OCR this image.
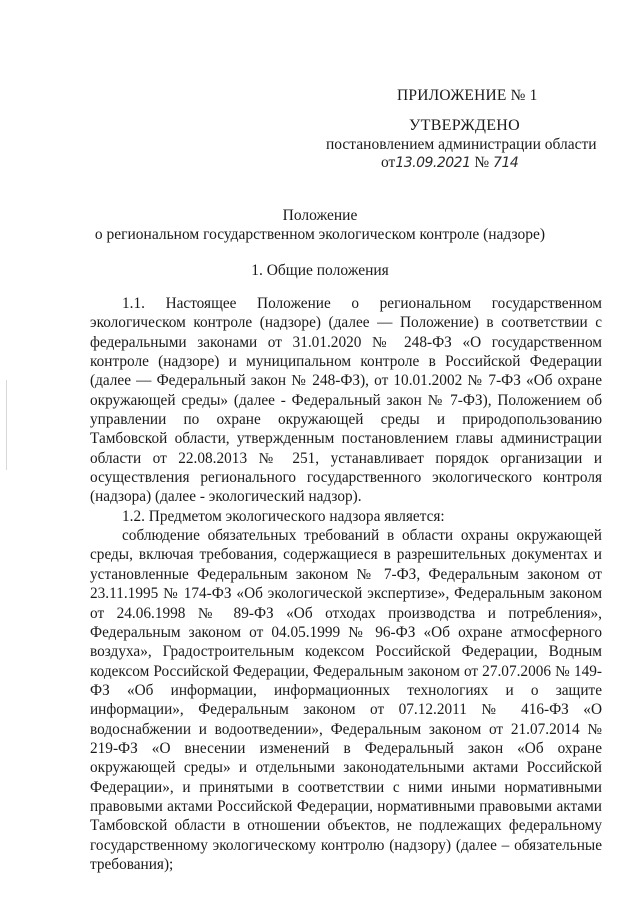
ПРИЛОЖЕНИЕ № 1
УТВЕРЖДЕНО
постановлением администрации области
от13.09.2021 № 714
Положение
о региональном государственном экологическом контроле (надзоре)
1. Общие положения

1.1. Настоящее Положение о региональном государственном экологическом контроле (надзоре) (далее — Положение) в соответствии с федеральными законами от 31.01.2020 № 248-ФЗ «О государственном контроле (надзоре) и муниципальном контроле в Российской Федерации (далее — Федеральный закон № 248-ФЗ), от 10.01.2002 № 7-ФЗ «Об охране окружающей среды» (далее - Федеральный закон № 7-ФЗ), Положением об управлении по охране окружающей среды и природопользованию Тамбовской области, утвержденным постановлением главы администрации области от 22.08.2013 № 251, устанавливает порядок организации и осуществления регионального государственного экологического контроля (надзора) (далее - экологический надзор).

1.2. Предметом экологического надзора является:

соблюдение обязательных требований в области охраны окружающей среды, включая требования, содержащиеся в разрешительных документах и установленные Федеральным законом № 7-ФЗ, Федеральным законом от 23.11.1995 № 174-ФЗ «Об экологической экспертизе», Федеральным законом от 24.06.1998 № 89-ФЗ «Об отходах производства и потребления», Федеральным законом от 04.05.1999 № 96-ФЗ «Об охране атмосферного воздуха», Градостроительным кодексом Российской Федерации, Водным кодексом Российской Федерации, Федеральным законом от 27.07.2006 № 149-ФЗ «Об информации, информационных технологиях и о защите информации», Федеральным законом от 07.12.2011 № 416-ФЗ «О водоснабжении и водоотведении», Федеральным законом от 21.07.2014 № 219-ФЗ «О внесении изменений в Федеральный закон «Об охране окружающей среды» и отдельными законодательными актами Российской Федерации», и принятыми в соответствии с ними иными нормативными правовыми актами Российской Федерации, нормативными правовыми актами Тамбовской области в отношении объектов, не подлежащих федеральному государственному экологическому контролю (надзору) (далее – обязательные требования);
